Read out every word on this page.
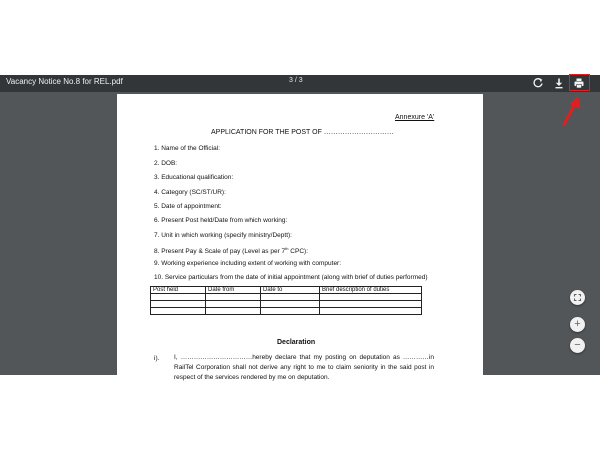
Vacancy Notice No.8 for REL.pdf	3 / 3
Annexure 'A'
APPLICATION FOR THE POST OF …………………………
1. Name of the Official:
2. DOB:
3. Educational qualification:
4. Category (SC/ST/UR):
5. Date of appointment:
6. Present Post held/Date from which working:
7. Unit in which working (specify ministry/Deptt):
8. Present Pay & Scale of pay (Level as per 7th CPC):
9. Working experience including extent of working with computer:
10. Service particulars from the date of initial appointment (along with brief of duties performed)
Post held	Date from	Date to	Brief description of duties

Declaration
i). I, ……………………………hereby declare that my posting on deputation as …………in RailTel Corporation shall not derive any right to me to claim seniority in the said post in respect of the services rendered by me on deputation.
+
−
